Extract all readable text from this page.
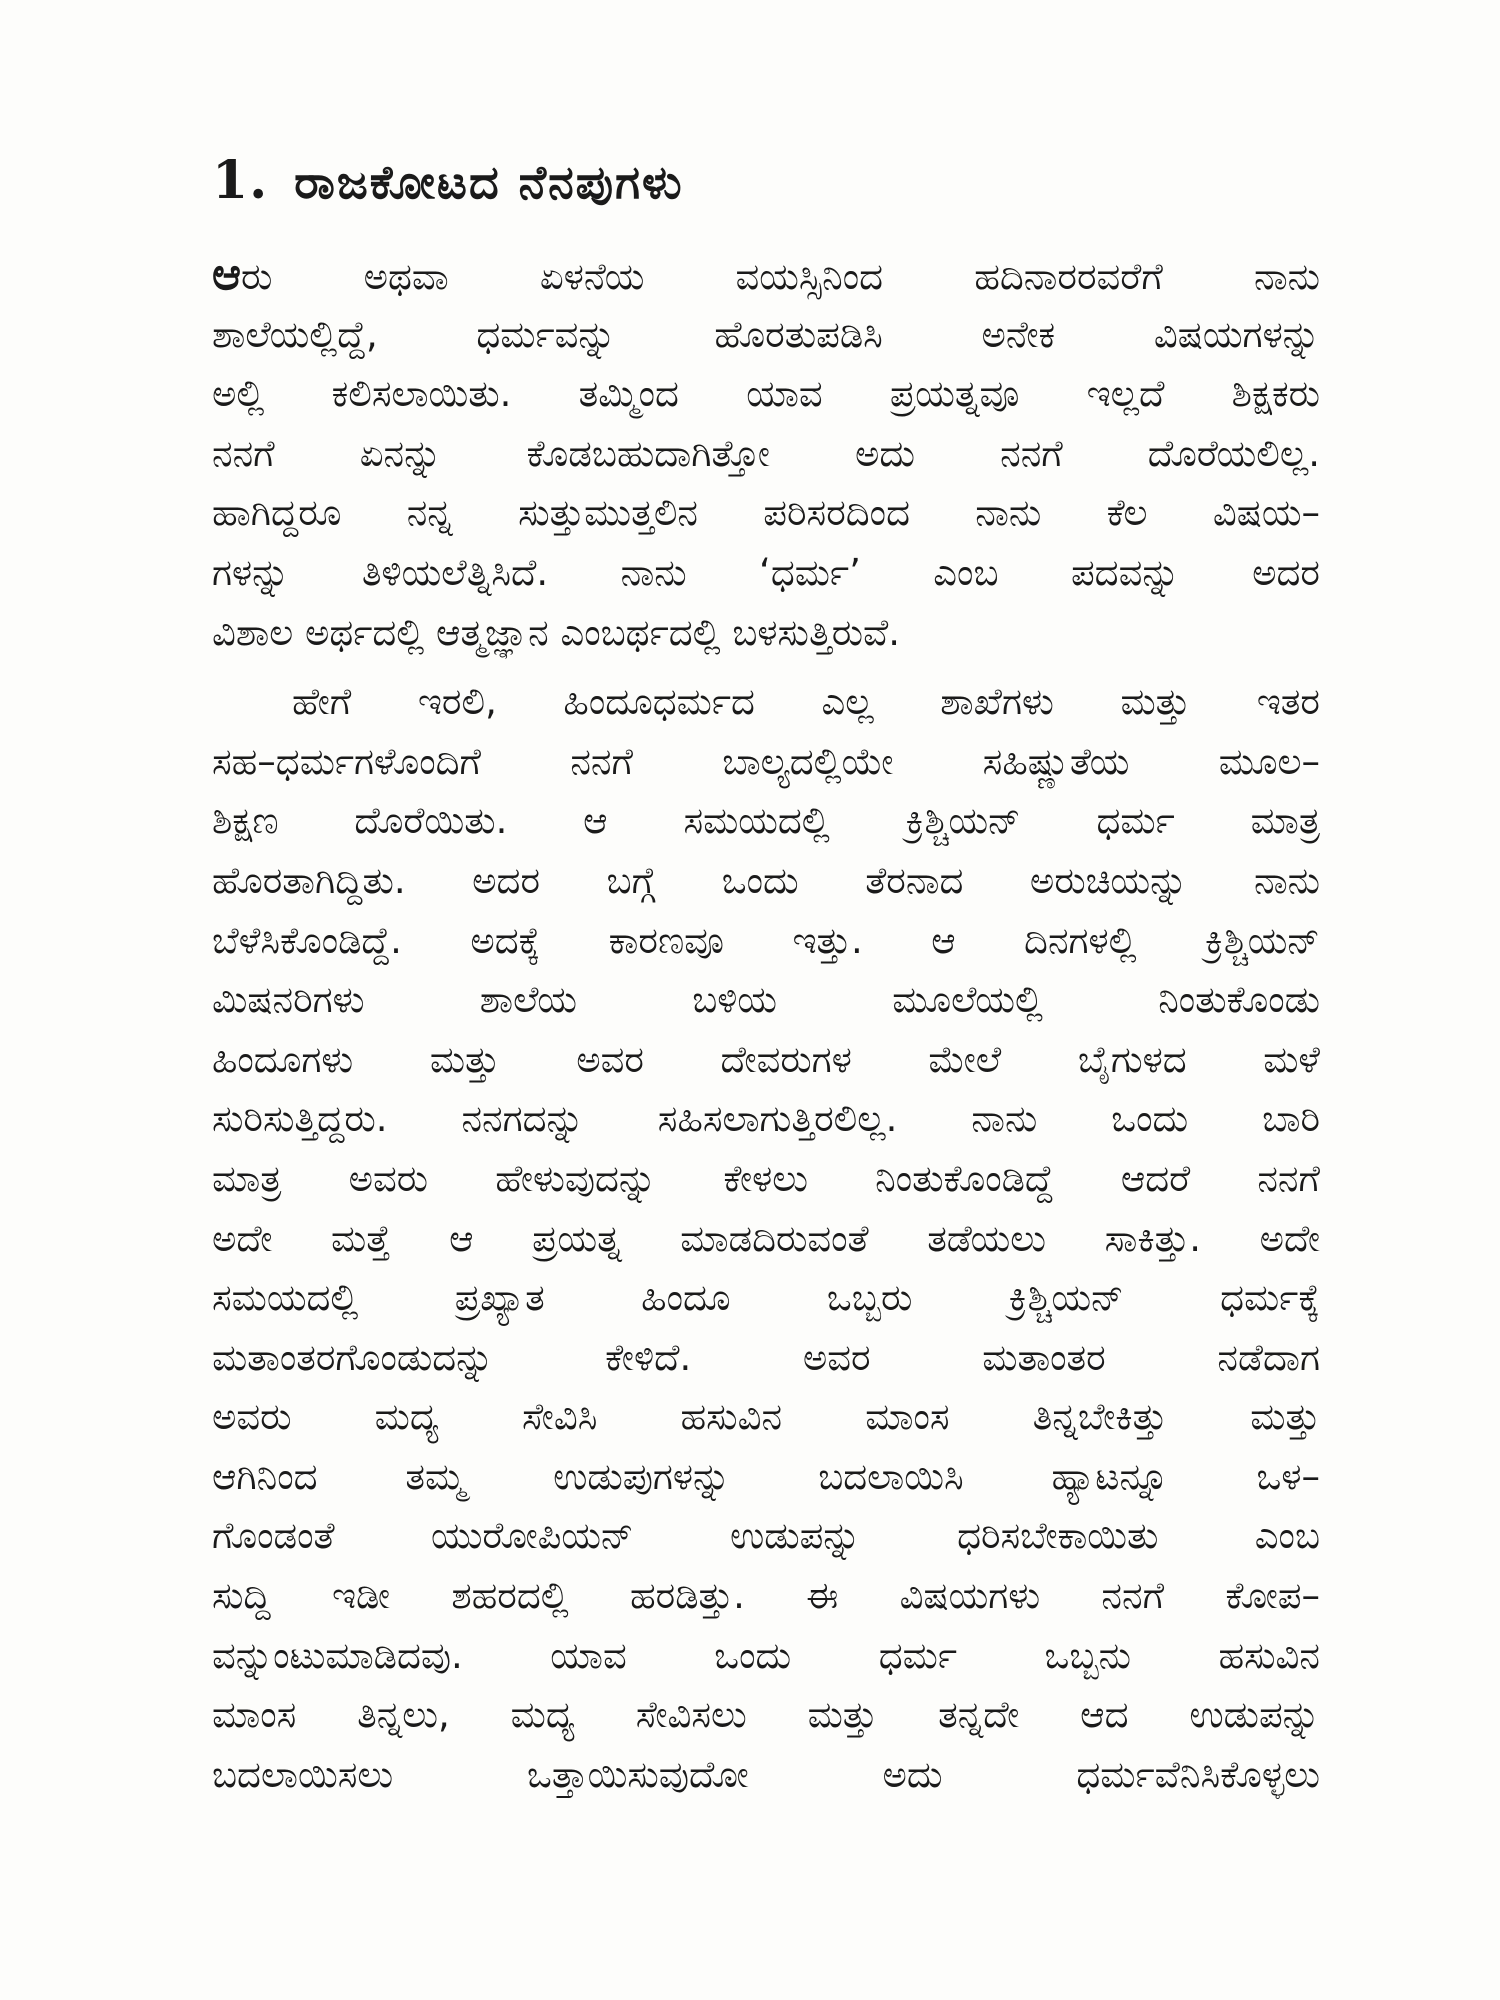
1. ರಾಜಕೋಟದ ನೆನಪುಗಳು
ಆರು ಅಥವಾ ಏಳನೆಯ ವಯಸ್ಸಿನಿಂದ ಹದಿನಾರರವರೆಗೆ ನಾನು
ಶಾಲೆಯಲ್ಲಿದ್ದೆ, ಧರ್ಮವನ್ನು ಹೊರತುಪಡಿಸಿ ಅನೇಕ ವಿಷಯಗಳನ್ನು
ಅಲ್ಲಿ ಕಲಿಸಲಾಯಿತು. ತಮ್ಮಿಂದ ಯಾವ ಪ್ರಯತ್ನವೂ ಇಲ್ಲದೆ ಶಿಕ್ಷಕರು
ನನಗೆ ಏನನ್ನು ಕೊಡಬಹುದಾಗಿತ್ತೋ ಅದು ನನಗೆ ದೊರೆಯಲಿಲ್ಲ.
ಹಾಗಿದ್ದರೂ ನನ್ನ ಸುತ್ತುಮುತ್ತಲಿನ ಪರಿಸರದಿಂದ ನಾನು ಕೆಲ ವಿಷಯ–
ಗಳನ್ನು ತಿಳಿಯಲೆತ್ನಿಸಿದೆ. ನಾನು ‘ಧರ್ಮ’ ಎಂಬ ಪದವನ್ನು ಅದರ
ವಿಶಾಲ ಅರ್ಥದಲ್ಲಿ ಆತ್ಮಜ್ಞಾನ ಎಂಬರ್ಥದಲ್ಲಿ ಬಳಸುತ್ತಿರುವೆ.
ಹೇಗೆ ಇರಲಿ, ಹಿಂದೂಧರ್ಮದ ಎಲ್ಲ ಶಾಖೆಗಳು ಮತ್ತು ಇತರ
ಸಹ–ಧರ್ಮಗಳೊಂದಿಗೆ ನನಗೆ ಬಾಲ್ಯದಲ್ಲಿಯೇ ಸಹಿಷ್ಣುತೆಯ ಮೂಲ–
ಶಿಕ್ಷಣ ದೊರೆಯಿತು. ಆ ಸಮಯದಲ್ಲಿ ಕ್ರಿಶ್ಚಿಯನ್ ಧರ್ಮ ಮಾತ್ರ
ಹೊರತಾಗಿದ್ದಿತು. ಅದರ ಬಗ್ಗೆ ಒಂದು ತೆರನಾದ ಅರುಚಿಯನ್ನು ನಾನು
ಬೆಳೆಸಿಕೊಂಡಿದ್ದೆ. ಅದಕ್ಕೆ ಕಾರಣವೂ ಇತ್ತು. ಆ ದಿನಗಳಲ್ಲಿ ಕ್ರಿಶ್ಚಿಯನ್
ಮಿಷನರಿಗಳು ಶಾಲೆಯ ಬಳಿಯ ಮೂಲೆಯಲ್ಲಿ ನಿಂತುಕೊಂಡು
ಹಿಂದೂಗಳು ಮತ್ತು ಅವರ ದೇವರುಗಳ ಮೇಲೆ ಬೈಗುಳದ ಮಳೆ
ಸುರಿಸುತ್ತಿದ್ದರು. ನನಗದನ್ನು ಸಹಿಸಲಾಗುತ್ತಿರಲಿಲ್ಲ. ನಾನು ಒಂದು ಬಾರಿ
ಮಾತ್ರ ಅವರು ಹೇಳುವುದನ್ನು ಕೇಳಲು ನಿಂತುಕೊಂಡಿದ್ದೆ ಆದರೆ ನನಗೆ
ಅದೇ ಮತ್ತೆ ಆ ಪ್ರಯತ್ನ ಮಾಡದಿರುವಂತೆ ತಡೆಯಲು ಸಾಕಿತ್ತು. ಅದೇ
ಸಮಯದಲ್ಲಿ ಪ್ರಖ್ಯಾತ ಹಿಂದೂ ಒಬ್ಬರು ಕ್ರಿಶ್ಚಿಯನ್ ಧರ್ಮಕ್ಕೆ
ಮತಾಂತರಗೊಂಡುದನ್ನು ಕೇಳಿದೆ. ಅವರ ಮತಾಂತರ ನಡೆದಾಗ
ಅವರು ಮದ್ಯ ಸೇವಿಸಿ ಹಸುವಿನ ಮಾಂಸ ತಿನ್ನಬೇಕಿತ್ತು ಮತ್ತು
ಆಗಿನಿಂದ ತಮ್ಮ ಉಡುಪುಗಳನ್ನು ಬದಲಾಯಿಸಿ ಹ್ಯಾಟನ್ನೂ ಒಳ–
ಗೊಂಡಂತೆ ಯುರೋಪಿಯನ್ ಉಡುಪನ್ನು ಧರಿಸಬೇಕಾಯಿತು ಎಂಬ
ಸುದ್ದಿ ಇಡೀ ಶಹರದಲ್ಲಿ ಹರಡಿತ್ತು. ಈ ವಿಷಯಗಳು ನನಗೆ ಕೋಪ–
ವನ್ನುಂಟುಮಾಡಿದವು. ಯಾವ ಒಂದು ಧರ್ಮ ಒಬ್ಬನು ಹಸುವಿನ
ಮಾಂಸ ತಿನ್ನಲು, ಮದ್ಯ ಸೇವಿಸಲು ಮತ್ತು ತನ್ನದೇ ಆದ ಉಡುಪನ್ನು
ಬದಲಾಯಿಸಲು ಒತ್ತಾಯಿಸುವುದೋ ಅದು ಧರ್ಮವೆನಿಸಿಕೊಳ್ಳಲು
